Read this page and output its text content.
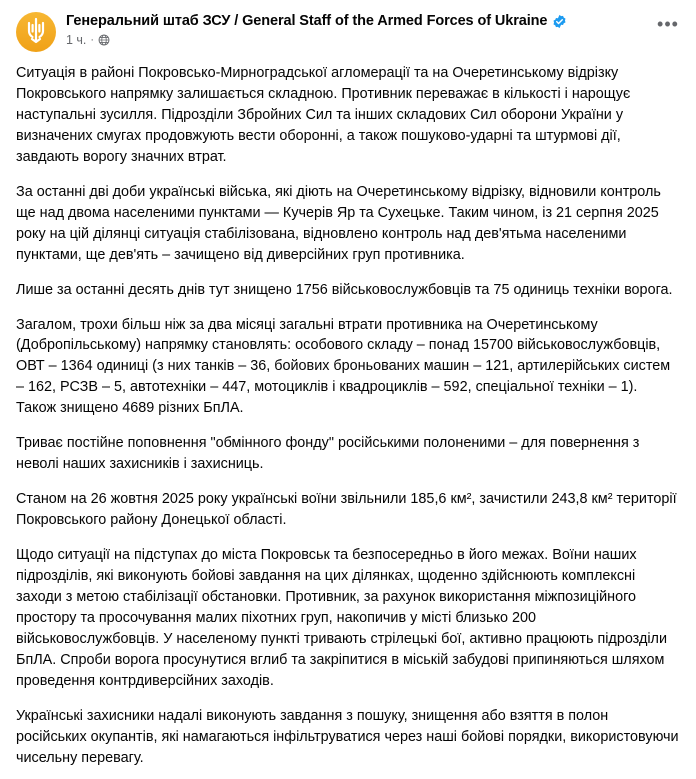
Генеральний штаб ЗСУ / General Staff of the Armed Forces of Ukraine
1 ч. ·
•••

Ситуація в районі Покровсько-Мирноградської агломерації та на Очеретинському відрізку Покровського напрямку залишається складною. Противник переважає в кількості і нарощує наступальні зусилля. Підрозділи Збройних Сил та інших складових Сил оборони України у визначених смугах продовжують вести оборонні, а також пошуково-ударні та штурмові дії, завдають ворогу значних втрат.

За останні дві доби українські війська, які діють на Очеретинському відрізку, відновили контроль ще над двома населеними пунктами — Кучерів Яр та Сухецьке. Таким чином, із 21 серпня 2025 року на цій ділянці ситуація стабілізована, відновлено контроль над дев'ятьма населеними пунктами, ще дев'ять – зачищено від диверсійних груп противника.

Лише за останні десять днів тут знищено 1756 військовослужбовців та 75 одиниць техніки ворога.

Загалом, трохи більш ніж за два місяці загальні втрати противника на Очеретинському (Добропільському) напрямку становлять: особового складу – понад 15700 військовослужбовців, ОВТ – 1364 одиниці (з них танків – 36, бойових броньованих машин – 121, артилерійських систем – 162, РСЗВ – 5, автотехніки – 447, мотоциклів і квадроциклів – 592, спеціальної техніки – 1). Також знищено 4689 різних БпЛА.

Триває постійне поповнення "обмінного фонду" російськими полоненими – для повернення з неволі наших захисників і захисниць.

Станом на 26 жовтня 2025 року українські воїни звільнили 185,6 км², зачистили 243,8 км² території Покровського району Донецької області.

Щодо ситуації на підступах до міста Покровськ та безпосередньо в його межах. Воїни наших підрозділів, які виконують бойові завдання на цих ділянках, щоденно здійснюють комплексні заходи з метою стабілізації обстановки. Противник, за рахунок використання міжпозиційного простору та просочування малих піхотних груп, накопичив у місті близько 200 військовослужбовців. У населеному пункті тривають стрілецькі бої, активно працюють підрозділи БпЛА. Спроби ворога просунутися вглиб та закріпитися в міській забудові припиняються шляхом проведення контрдиверсійних заходів.

Українські захисники надалі виконують завдання з пошуку, знищення або взяття в полон російських окупантів, які намагаються інфільтруватися через наші бойові порядки, використовуючи чисельну перевагу.
